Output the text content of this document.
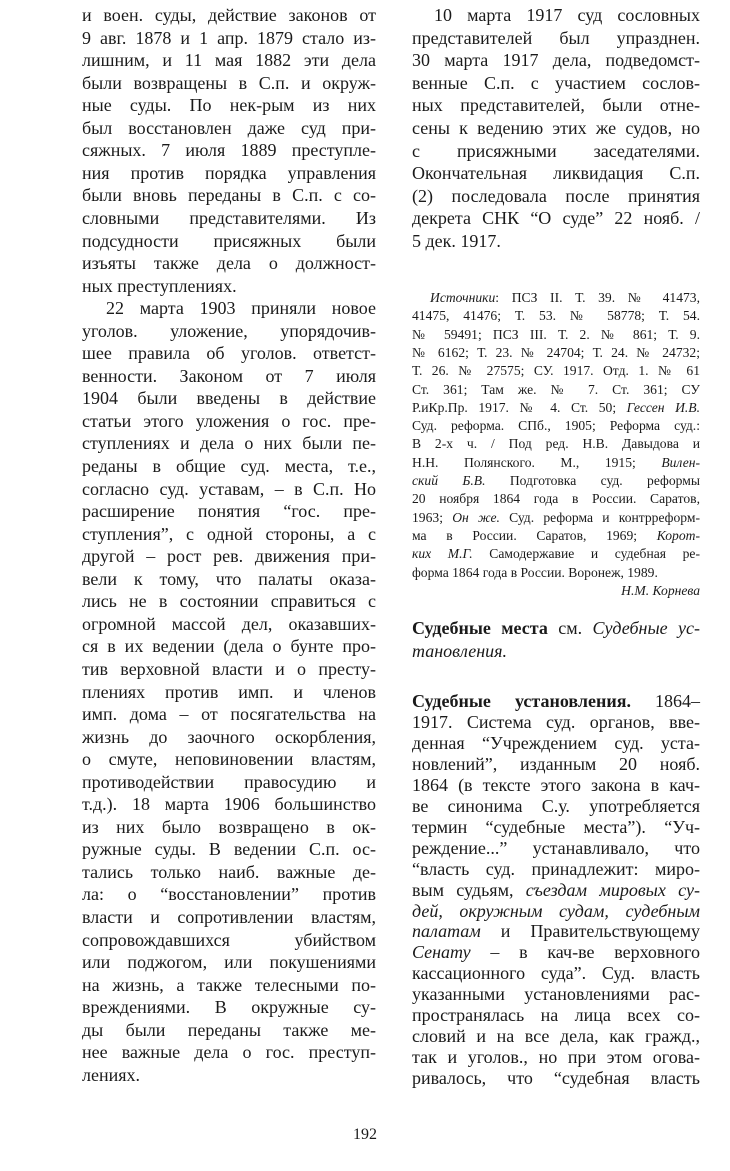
и воен. суды, действие законов от
9 авг. 1878 и 1 апр. 1879 стало из-
лишним, и 11 мая 1882 эти дела
были возвращены в С.п. и окруж-
ные суды. По нек-рым из них
был восстановлен даже суд при-
сяжных. 7 июля 1889 преступле-
ния против порядка управления
были вновь переданы в С.п. с со-
словными представителями. Из
подсудности присяжных были
изъяты также дела о должност-
ных преступлениях.
22 марта 1903 приняли новое
уголов. уложение, упорядочив-
шее правила об уголов. ответст-
венности. Законом от 7 июля
1904 были введены в действие
статьи этого уложения о гос. пре-
ступлениях и дела о них были пе-
реданы в общие суд. места, т.е.,
согласно суд. уставам, – в С.п. Но
расширение понятия “гос. пре-
ступления”, с одной стороны, а с
другой – рост рев. движения при-
вели к тому, что палаты оказа-
лись не в состоянии справиться с
огромной массой дел, оказавших-
ся в их ведении (дела о бунте про-
тив верховной власти и о престу-
плениях против имп. и членов
имп. дома – от посягательства на
жизнь до заочного оскорбления,
о смуте, неповиновении властям,
противодействии правосудию и
т.д.). 18 марта 1906 большинство
из них было возвращено в ок-
ружные суды. В ведении С.п. ос-
тались только наиб. важные де-
ла: о “восстановлении” против
власти и сопротивлении властям,
сопровождавшихся убийством
или поджогом, или покушениями
на жизнь, а также телесными по-
вреждениями. В окружные су-
ды были переданы также ме-
нее важные дела о гос. преступ-
лениях.
10 марта 1917 суд сословных
представителей был упразднен.
30 марта 1917 дела, подведомст-
венные С.п. с участием сослов-
ных представителей, были отне-
сены к ведению этих же судов, но
с присяжными заседателями.
Окончательная ликвидация С.п.
(2) последовала после принятия
декрета СНК “О суде” 22 нояб. /
5 дек. 1917.
Источники: ПСЗ II. Т. 39. № 41473,
41475, 41476; Т. 53. № 58778; Т. 54.
№ 59491; ПСЗ III. Т. 2. № 861; Т. 9.
№ 6162; Т. 23. № 24704; Т. 24. № 24732;
Т. 26. № 27575; СУ. 1917. Отд. 1. № 61
Ст. 361; Там же. № 7. Ст. 361; СУ
Р.иКр.Пр. 1917. № 4. Ст. 50; Гессен И.В.
Суд. реформа. СПб., 1905; Реформа суд.:
В 2-х ч. / Под ред. Н.В. Давыдова и
Н.Н. Полянского. М., 1915; Вилен-
ский Б.В. Подготовка суд. реформы
20 ноября 1864 года в России. Саратов,
1963; Он же. Суд. реформа и контрреформ-
ма в России. Саратов, 1969; Корот-
ких М.Г. Самодержавие и судебная ре-
форма 1864 года в России. Воронеж, 1989.
Н.М. Корнева
Судебные места см. Судебные ус-
тановления.
Судебные установления. 1864–
1917. Система суд. органов, вве-
денная “Учреждением суд. уста-
новлений”, изданным 20 нояб.
1864 (в тексте этого закона в кач-
ве синонима С.у. употребляется
термин “судебные места”). “Уч-
реждение...” устанавливало, что
“власть суд. принадлежит: миро-
вым судьям, съездам мировых су-
дей, окружным судам, судебным
палатам и Правительствующему
Сенату – в кач-ве верховного
кассационного суда”. Суд. власть
указанными установлениями рас-
пространялась на лица всех со-
словий и на все дела, как гражд.,
так и уголов., но при этом огова-
ривалось, что “судебная власть
192
